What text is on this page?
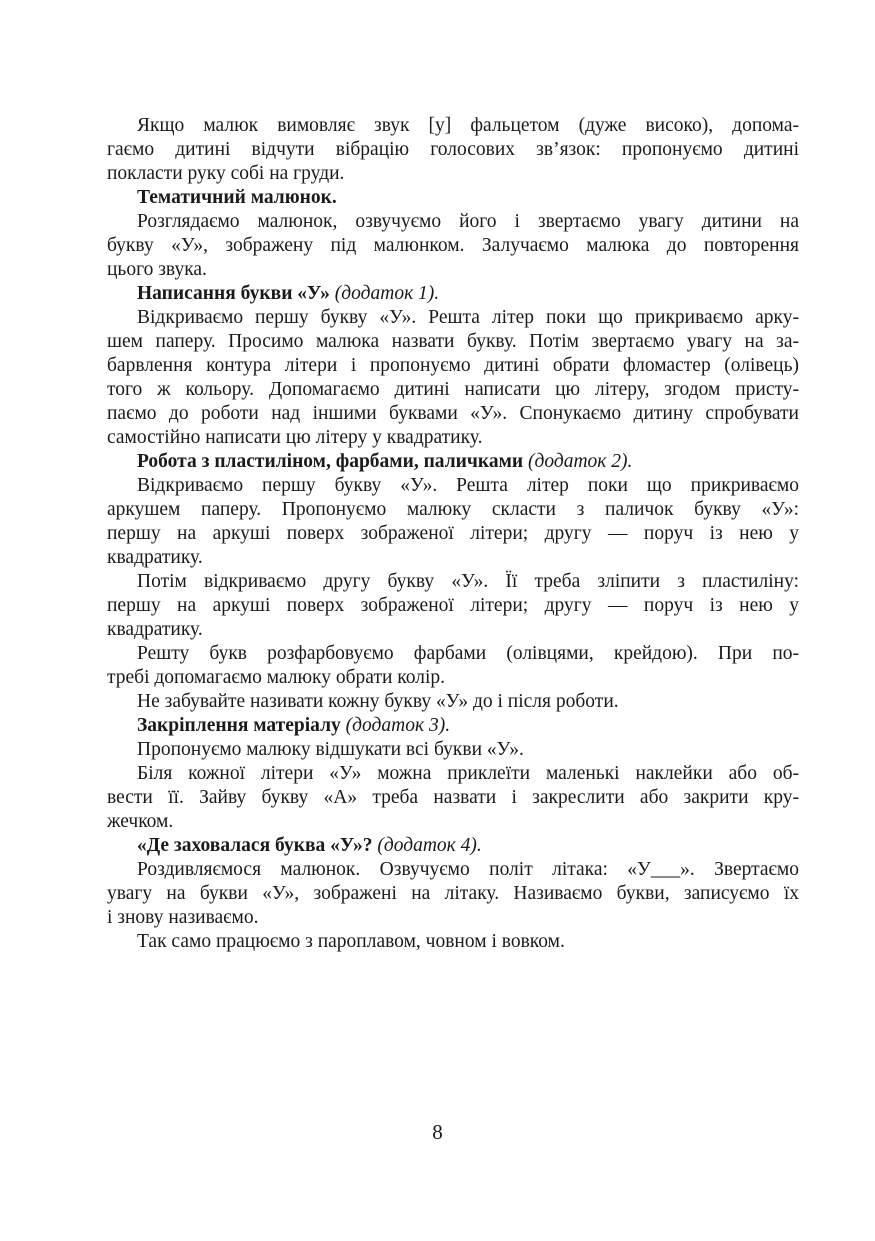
Якщо малюк вимовляє звук [у] фальцетом (дуже високо), допома-
гаємо дитині відчути вібрацію голосових зв’язок: пропонуємо дитині
покласти руку собі на груди.

Тематичний малюнок.

Розглядаємо малюнок, озвучуємо його і звертаємо увагу дитини на
букву «У», зображену під малюнком. Залучаємо малюка до повторення
цього звука.

Написання букви «У» (додаток 1).

Відкриваємо першу букву «У». Решта літер поки що прикриваємо арку-
шем паперу. Просимо малюка назвати букву. Потім звертаємо увагу на за-
барвлення контура літери і пропонуємо дитині обрати фломастер (олівець)
того ж кольору. Допомагаємо дитині написати цю літеру, згодом присту-
паємо до роботи над іншими буквами «У». Спонукаємо дитину спробувати
самостійно написати цю літеру у квадратику.

Робота з пластиліном, фарбами, паличками (додаток 2).

Відкриваємо першу букву «У». Решта літер поки що прикриваємо
аркушем паперу. Пропонуємо малюку скласти з паличок букву «У»:
першу на аркуші поверх зображеної літери; другу — поруч із нею у
квадратику.
Потім відкриваємо другу букву «У». Її треба зліпити з пластиліну:
першу на аркуші поверх зображеної літери; другу — поруч із нею у
квадратику.
Решту букв розфарбовуємо фарбами (олівцями, крейдою). При по-
требі допомагаємо малюку обрати колір.
Не забувайте називати кожну букву «У» до і після роботи.

Закріплення матеріалу (додаток 3).

Пропонуємо малюку відшукати всі букви «У».
Біля кожної літери «У» можна приклеїти маленькі наклейки або об-
вести її. Зайву букву «А» треба назвати і закреслити або закрити кру-
жечком.

«Де заховалася буква «У»? (додаток 4).

Роздивляємося малюнок. Озвучуємо політ літака: «У___». Звертаємо
увагу на букви «У», зображені на літаку. Називаємо букви, записуємо їх
і знову називаємо.
Так само працюємо з пароплавом, човном і вовком.
8
